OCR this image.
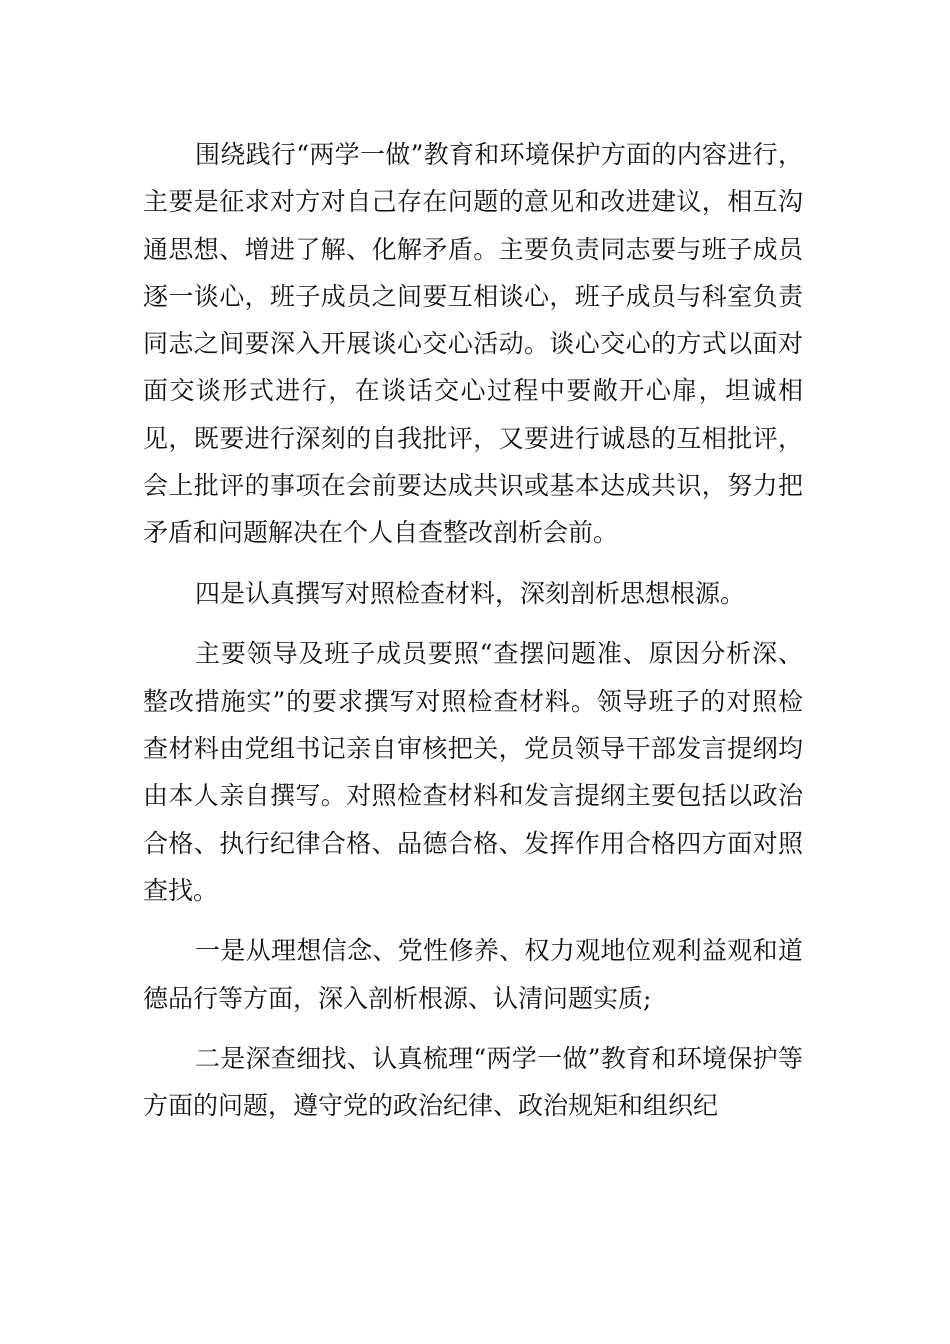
围绕践行“两学一做”教育和环境保护方面的内容进行，主要是征求对方对自己存在问题的意见和改进建议，相互沟通思想、增进了解、化解矛盾。主要负责同志要与班子成员逐一谈心，班子成员之间要互相谈心，班子成员与科室负责同志之间要深入开展谈心交心活动。谈心交心的方式以面对面交谈形式进行，在谈话交心过程中要敞开心扉，坦诚相见，既要进行深刻的自我批评，又要进行诚恳的互相批评，会上批评的事项在会前要达成共识或基本达成共识，努力把矛盾和问题解决在个人自查整改剖析会前。

四是认真撰写对照检查材料，深刻剖析思想根源。

主要领导及班子成员要照“查摆问题准、原因分析深、整改措施实”的要求撰写对照检查材料。领导班子的对照检查材料由党组书记亲自审核把关，党员领导干部发言提纲均由本人亲自撰写。对照检查材料和发言提纲主要包括以政治合格、执行纪律合格、品德合格、发挥作用合格四方面对照查找。

一是从理想信念、党性修养、权力观地位观利益观和道德品行等方面，深入剖析根源、认清问题实质;

二是深查细找、认真梳理“两学一做”教育和环境保护等方面的问题，遵守党的政治纪律、政治规矩和组织纪
